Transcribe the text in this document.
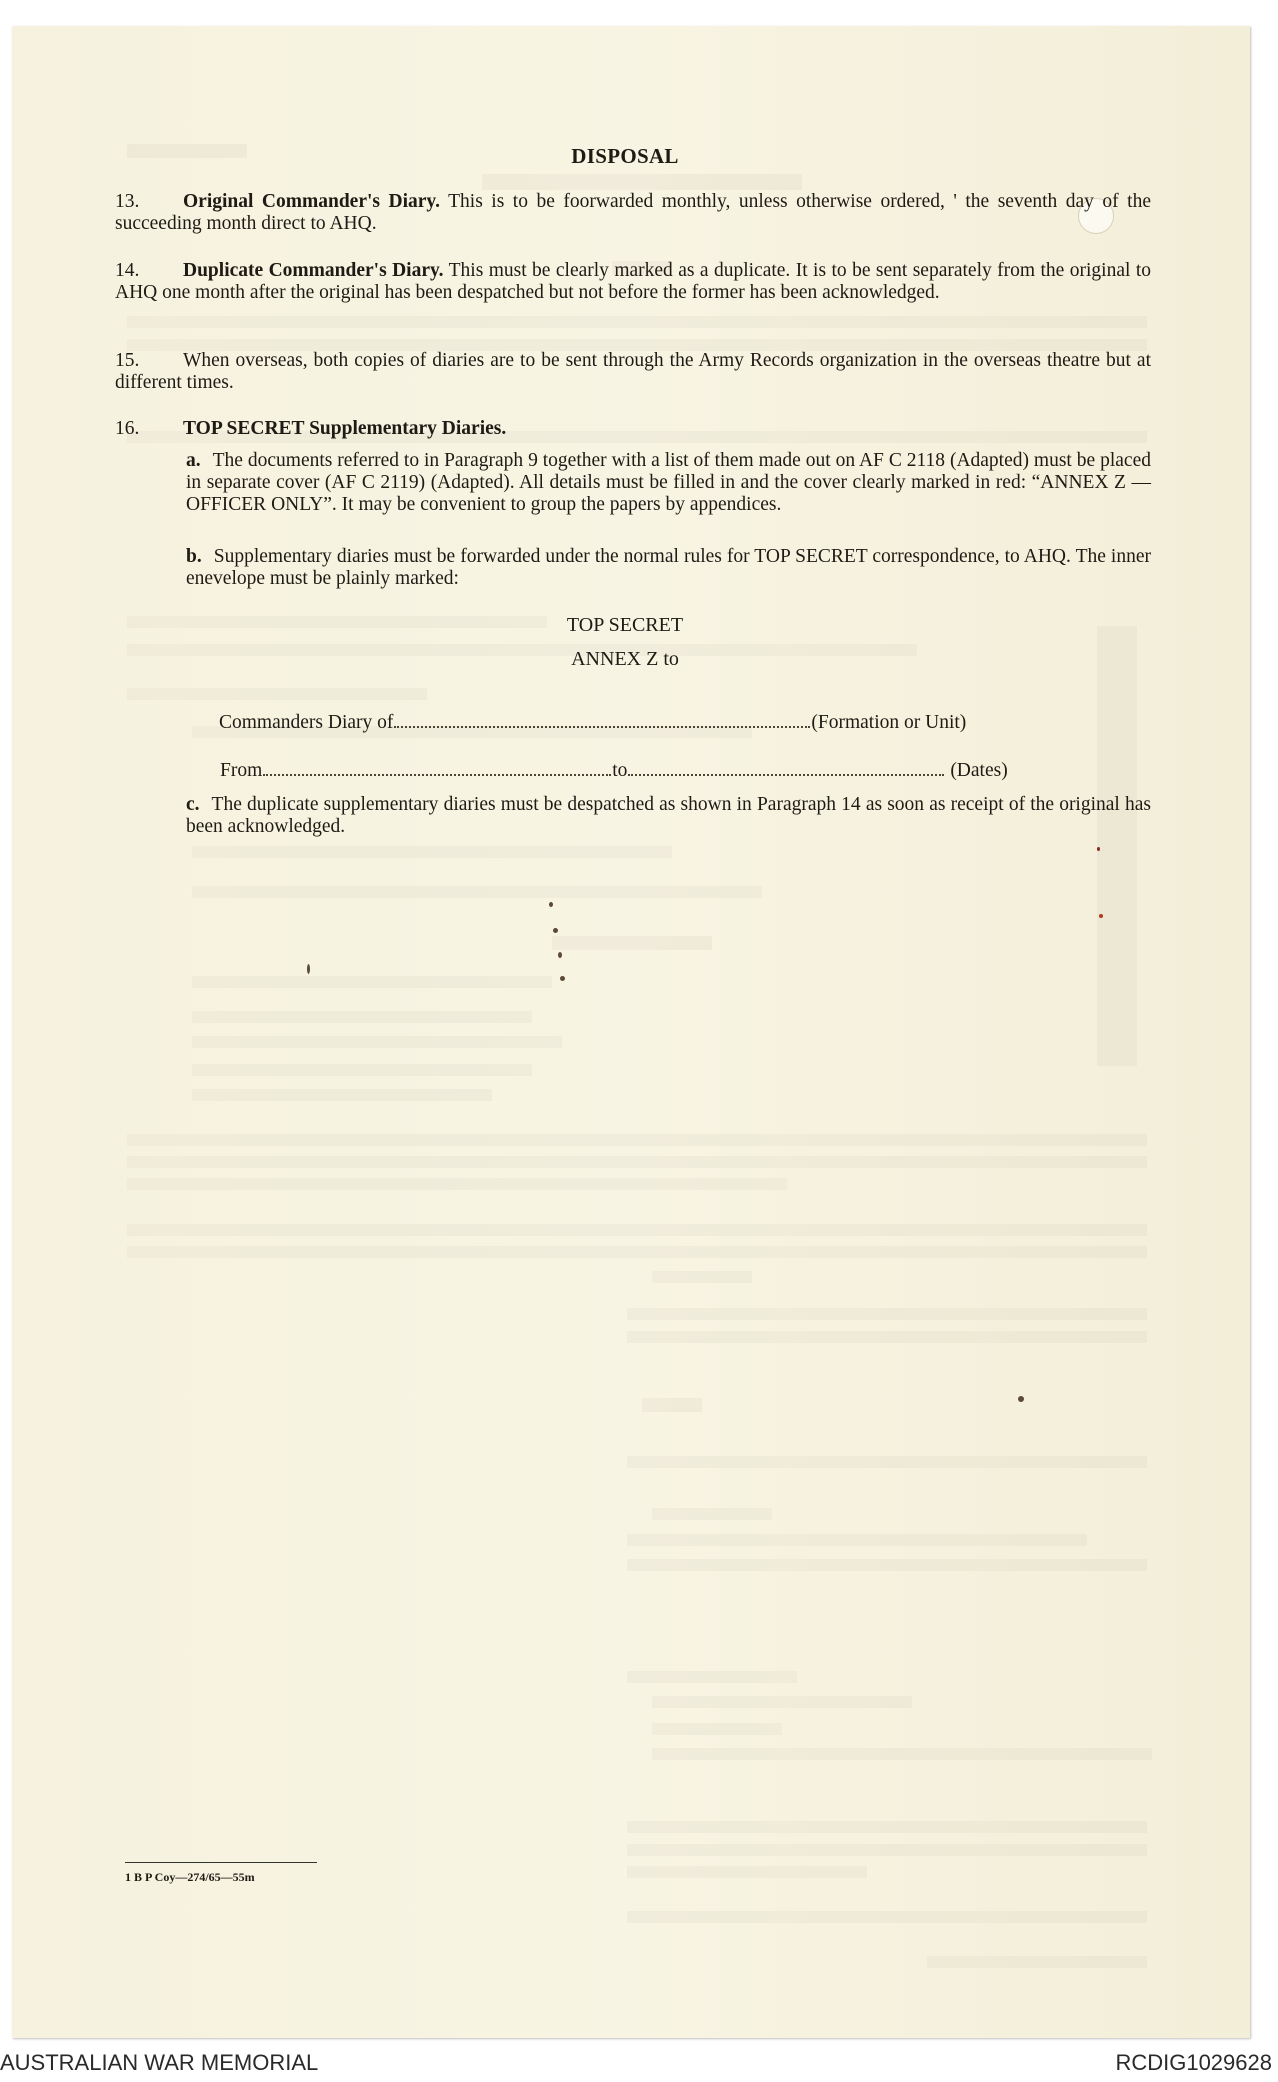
DISPOSAL
13. Original Commander's Diary. This is to be foorwarded monthly, unless otherwise ordered, ' the seventh day of the succeeding month direct to AHQ.
14. Duplicate Commander's Diary. This must be clearly marked as a duplicate. It is to be sent separately from the original to AHQ one month after the original has been despatched but not before the former has been acknowledged.
15. When overseas, both copies of diaries are to be sent through the Army Records organization in the overseas theatre but at different times.
16. TOP SECRET Supplementary Diaries.
a. The documents referred to in Paragraph 9 together with a list of them made out on AF C 2118 (Adapted) must be placed in separate cover (AF C 2119) (Adapted). All details must be filled in and the cover clearly marked in red: “ANNEX Z — OFFICER ONLY”. It may be convenient to group the papers by appendices.
b. Supplementary diaries must be forwarded under the normal rules for TOP SECRET correspondence, to AHQ. The inner enevelope must be plainly marked:
TOP SECRET
ANNEX Z to
Commanders Diary of	(Formation or Unit)
From	to	(Dates)
c. The duplicate supplementary diaries must be despatched as shown in Paragraph 14 as soon as receipt of the original has been acknowledged.
1 B P Coy—274/65—55m
AUSTRALIAN WAR MEMORIAL	RCDIG1029628
